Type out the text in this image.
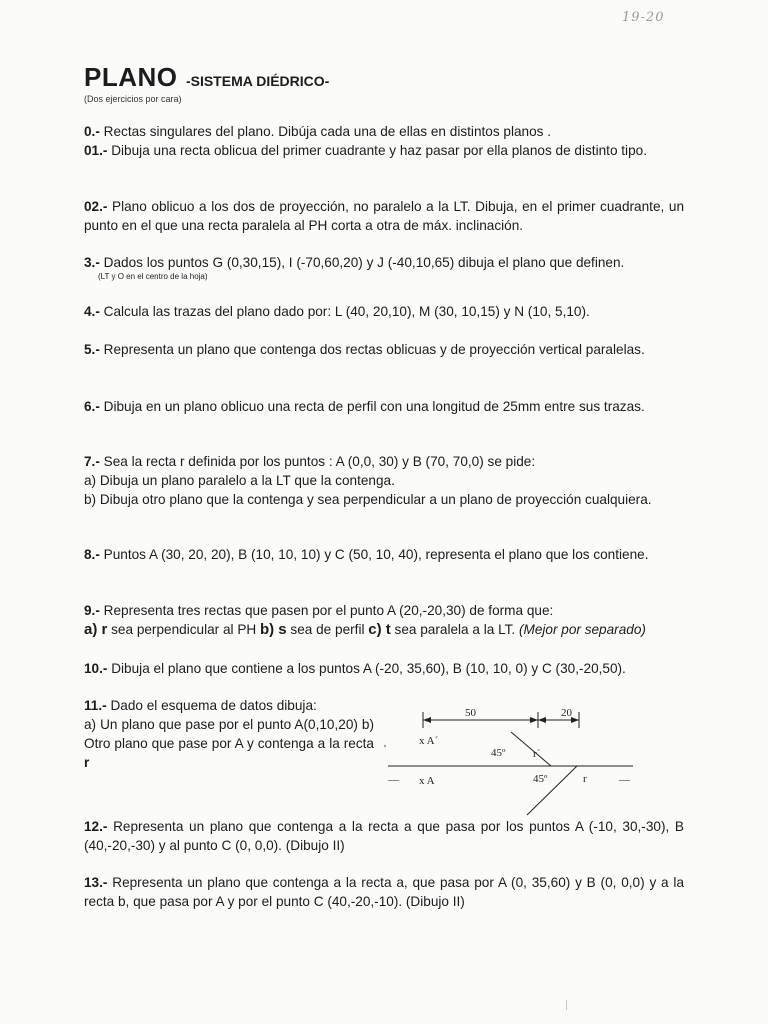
19-20
PLANO -SISTEMA DIÉDRICO-
(Dos ejercicios por cara)
0.- Rectas singulares del plano. Dibúja cada una de ellas en distintos planos .
01.- Dibuja una recta oblicua del primer cuadrante y haz pasar por ella planos de distinto tipo.
02.- Plano oblicuo a los dos de proyección, no paralelo a la LT. Dibuja, en el primer cuadrante, un punto en el que una recta paralela al PH corta a otra de máx. inclinación.
3.- Dados los puntos G (0,30,15), I (-70,60,20) y J (-40,10,65) dibuja el plano que definen.
(LT y O en el centro de la hoja)
4.- Calcula las trazas del plano dado por: L (40, 20,10), M (30, 10,15) y N (10, 5,10).
5.- Representa un plano que contenga dos rectas oblicuas y de proyección vertical paralelas.
6.- Dibuja en un plano oblicuo una recta de perfil con una longitud de 25mm entre sus trazas.
7.- Sea la recta r definida por los puntos : A (0,0, 30) y B (70, 70,0) se pide:
a) Dibuja un plano paralelo a la LT que la contenga.
b) Dibuja otro plano que la contenga y sea perpendicular a un plano de proyección cualquiera.
8.- Puntos A (30, 20, 20), B (10, 10, 10) y C (50, 10, 40), representa el plano que los contiene.
9.- Representa tres rectas que pasen por el punto A (20,-20,30) de forma que:
a) r sea perpendicular al PH b) s sea de perfil c) t sea paralela a la LT. (Mejor por separado)
10.- Dibuja el plano que contiene a los puntos A (-20, 35,60), B (10, 10, 0) y C (30,-20,50).
11.- Dado el esquema de datos dibuja:
a) Un plano que pase por el punto A(0,10,20) b) Otro plano que pase por A y contenga a la recta r
50	20
x A´
45º	r´
'
— x A	45º	r	—
12.- Representa un plano que contenga a la recta a que pasa por los puntos A (-10, 30,-30), B (40,-20,-30) y al punto C (0, 0,0). (Dibujo II)
13.- Representa un plano que contenga a la recta a, que pasa por A (0, 35,60) y B (0, 0,0) y a la recta b, que pasa por A y por el punto C (40,-20,-10). (Dibujo II)
